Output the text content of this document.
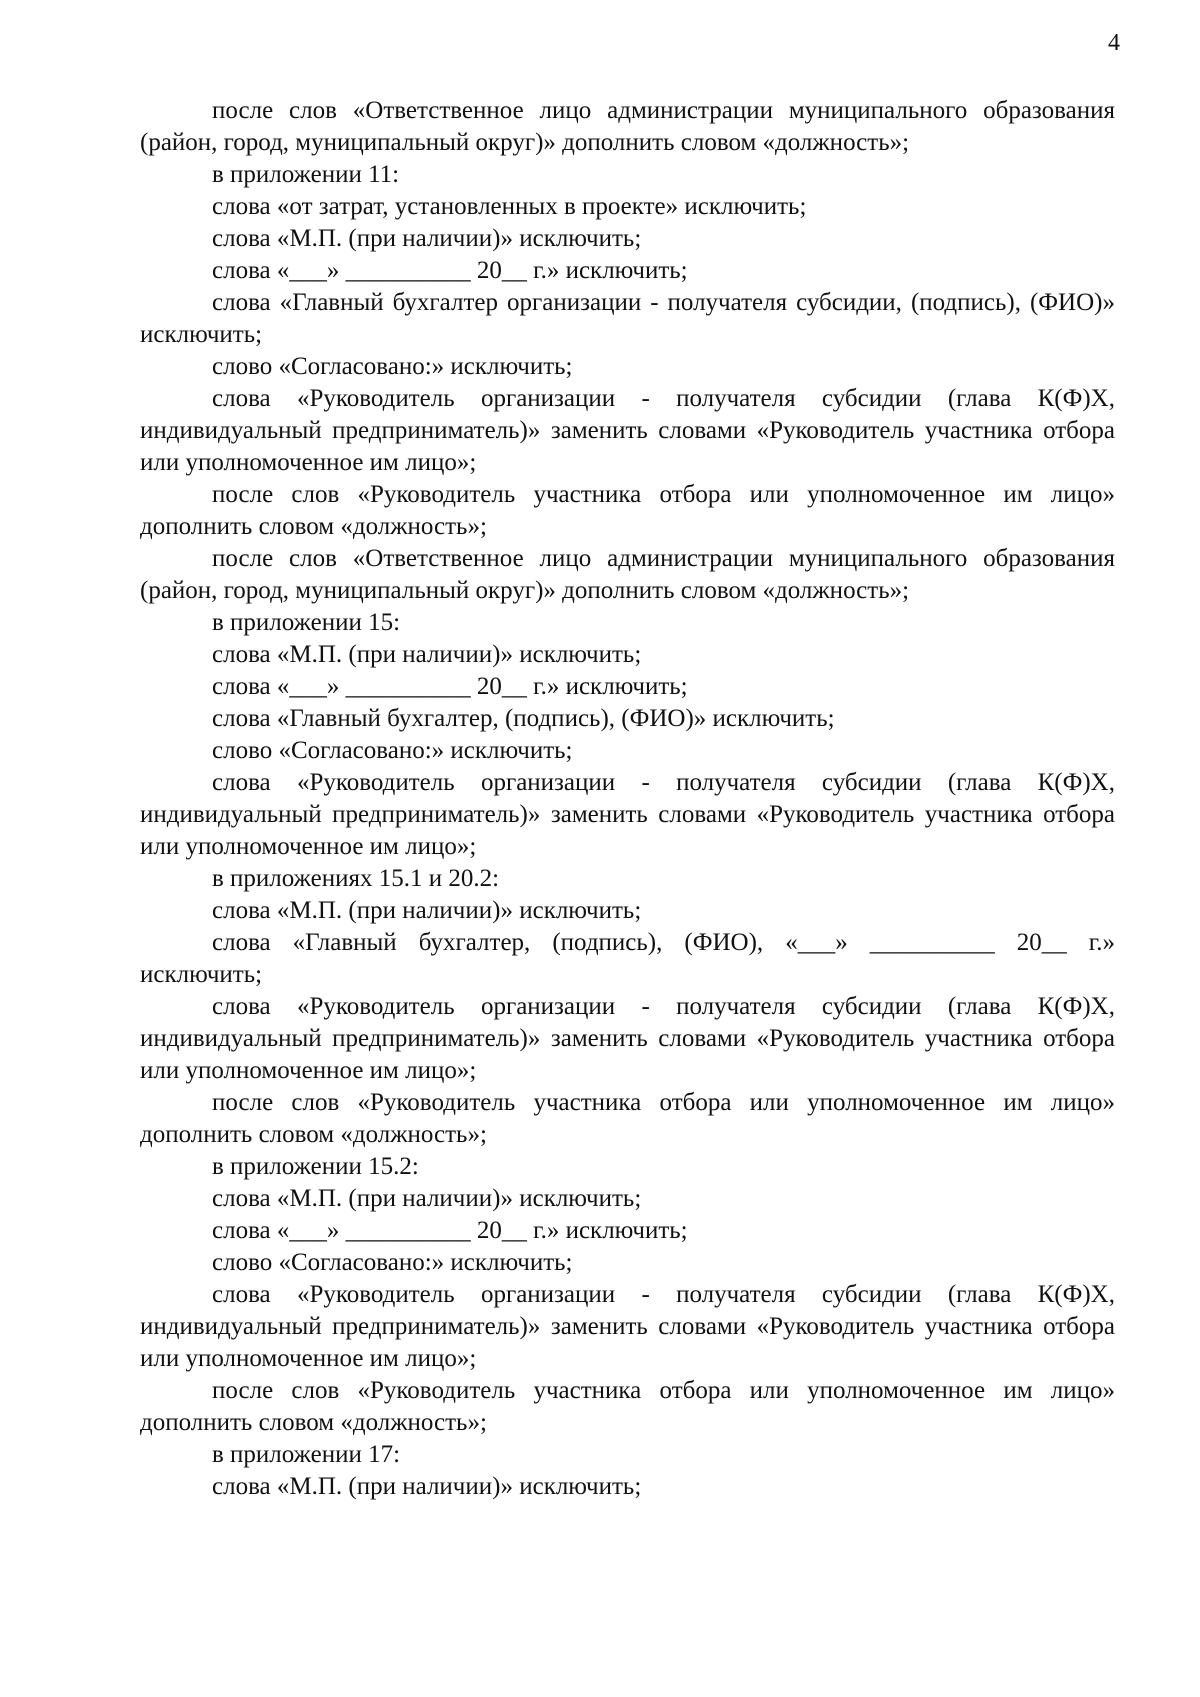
4

после слов «Ответственное лицо администрации муниципального образования (район, город, муниципальный округ)» дополнить словом «должность»;

в приложении 11:

слова «от затрат, установленных в проекте» исключить;

слова «М.П. (при наличии)» исключить;

слова «___» __________ 20__ г.» исключить;

слова «Главный бухгалтер организации - получателя субсидии, (подпись), (ФИО)» исключить;

слово «Согласовано:» исключить;

слова «Руководитель организации - получателя субсидии (глава К(Ф)Х, индивидуальный предприниматель)» заменить словами «Руководитель участника отбора или уполномоченное им лицо»;

после слов «Руководитель участника отбора или уполномоченное им лицо» дополнить словом «должность»;

после слов «Ответственное лицо администрации муниципального образования (район, город, муниципальный округ)» дополнить словом «должность»;

в приложении 15:

слова «М.П. (при наличии)» исключить;

слова «___» __________ 20__ г.» исключить;

слова «Главный бухгалтер, (подпись), (ФИО)» исключить;

слово «Согласовано:» исключить;

слова «Руководитель организации - получателя субсидии (глава К(Ф)Х, индивидуальный предприниматель)» заменить словами «Руководитель участника отбора или уполномоченное им лицо»;

в приложениях 15.1 и 20.2:

слова «М.П. (при наличии)» исключить;

слова «Главный бухгалтер, (подпись), (ФИО), «___» __________ 20__ г.» исключить;

слова «Руководитель организации - получателя субсидии (глава К(Ф)Х, индивидуальный предприниматель)» заменить словами «Руководитель участника отбора или уполномоченное им лицо»;

после слов «Руководитель участника отбора или уполномоченное им лицо» дополнить словом «должность»;

в приложении 15.2:

слова «М.П. (при наличии)» исключить;

слова «___» __________ 20__ г.» исключить;

слово «Согласовано:» исключить;

слова «Руководитель организации - получателя субсидии (глава К(Ф)Х, индивидуальный предприниматель)» заменить словами «Руководитель участника отбора или уполномоченное им лицо»;

после слов «Руководитель участника отбора или уполномоченное им лицо» дополнить словом «должность»;

в приложении 17:

слова «М.П. (при наличии)» исключить;
